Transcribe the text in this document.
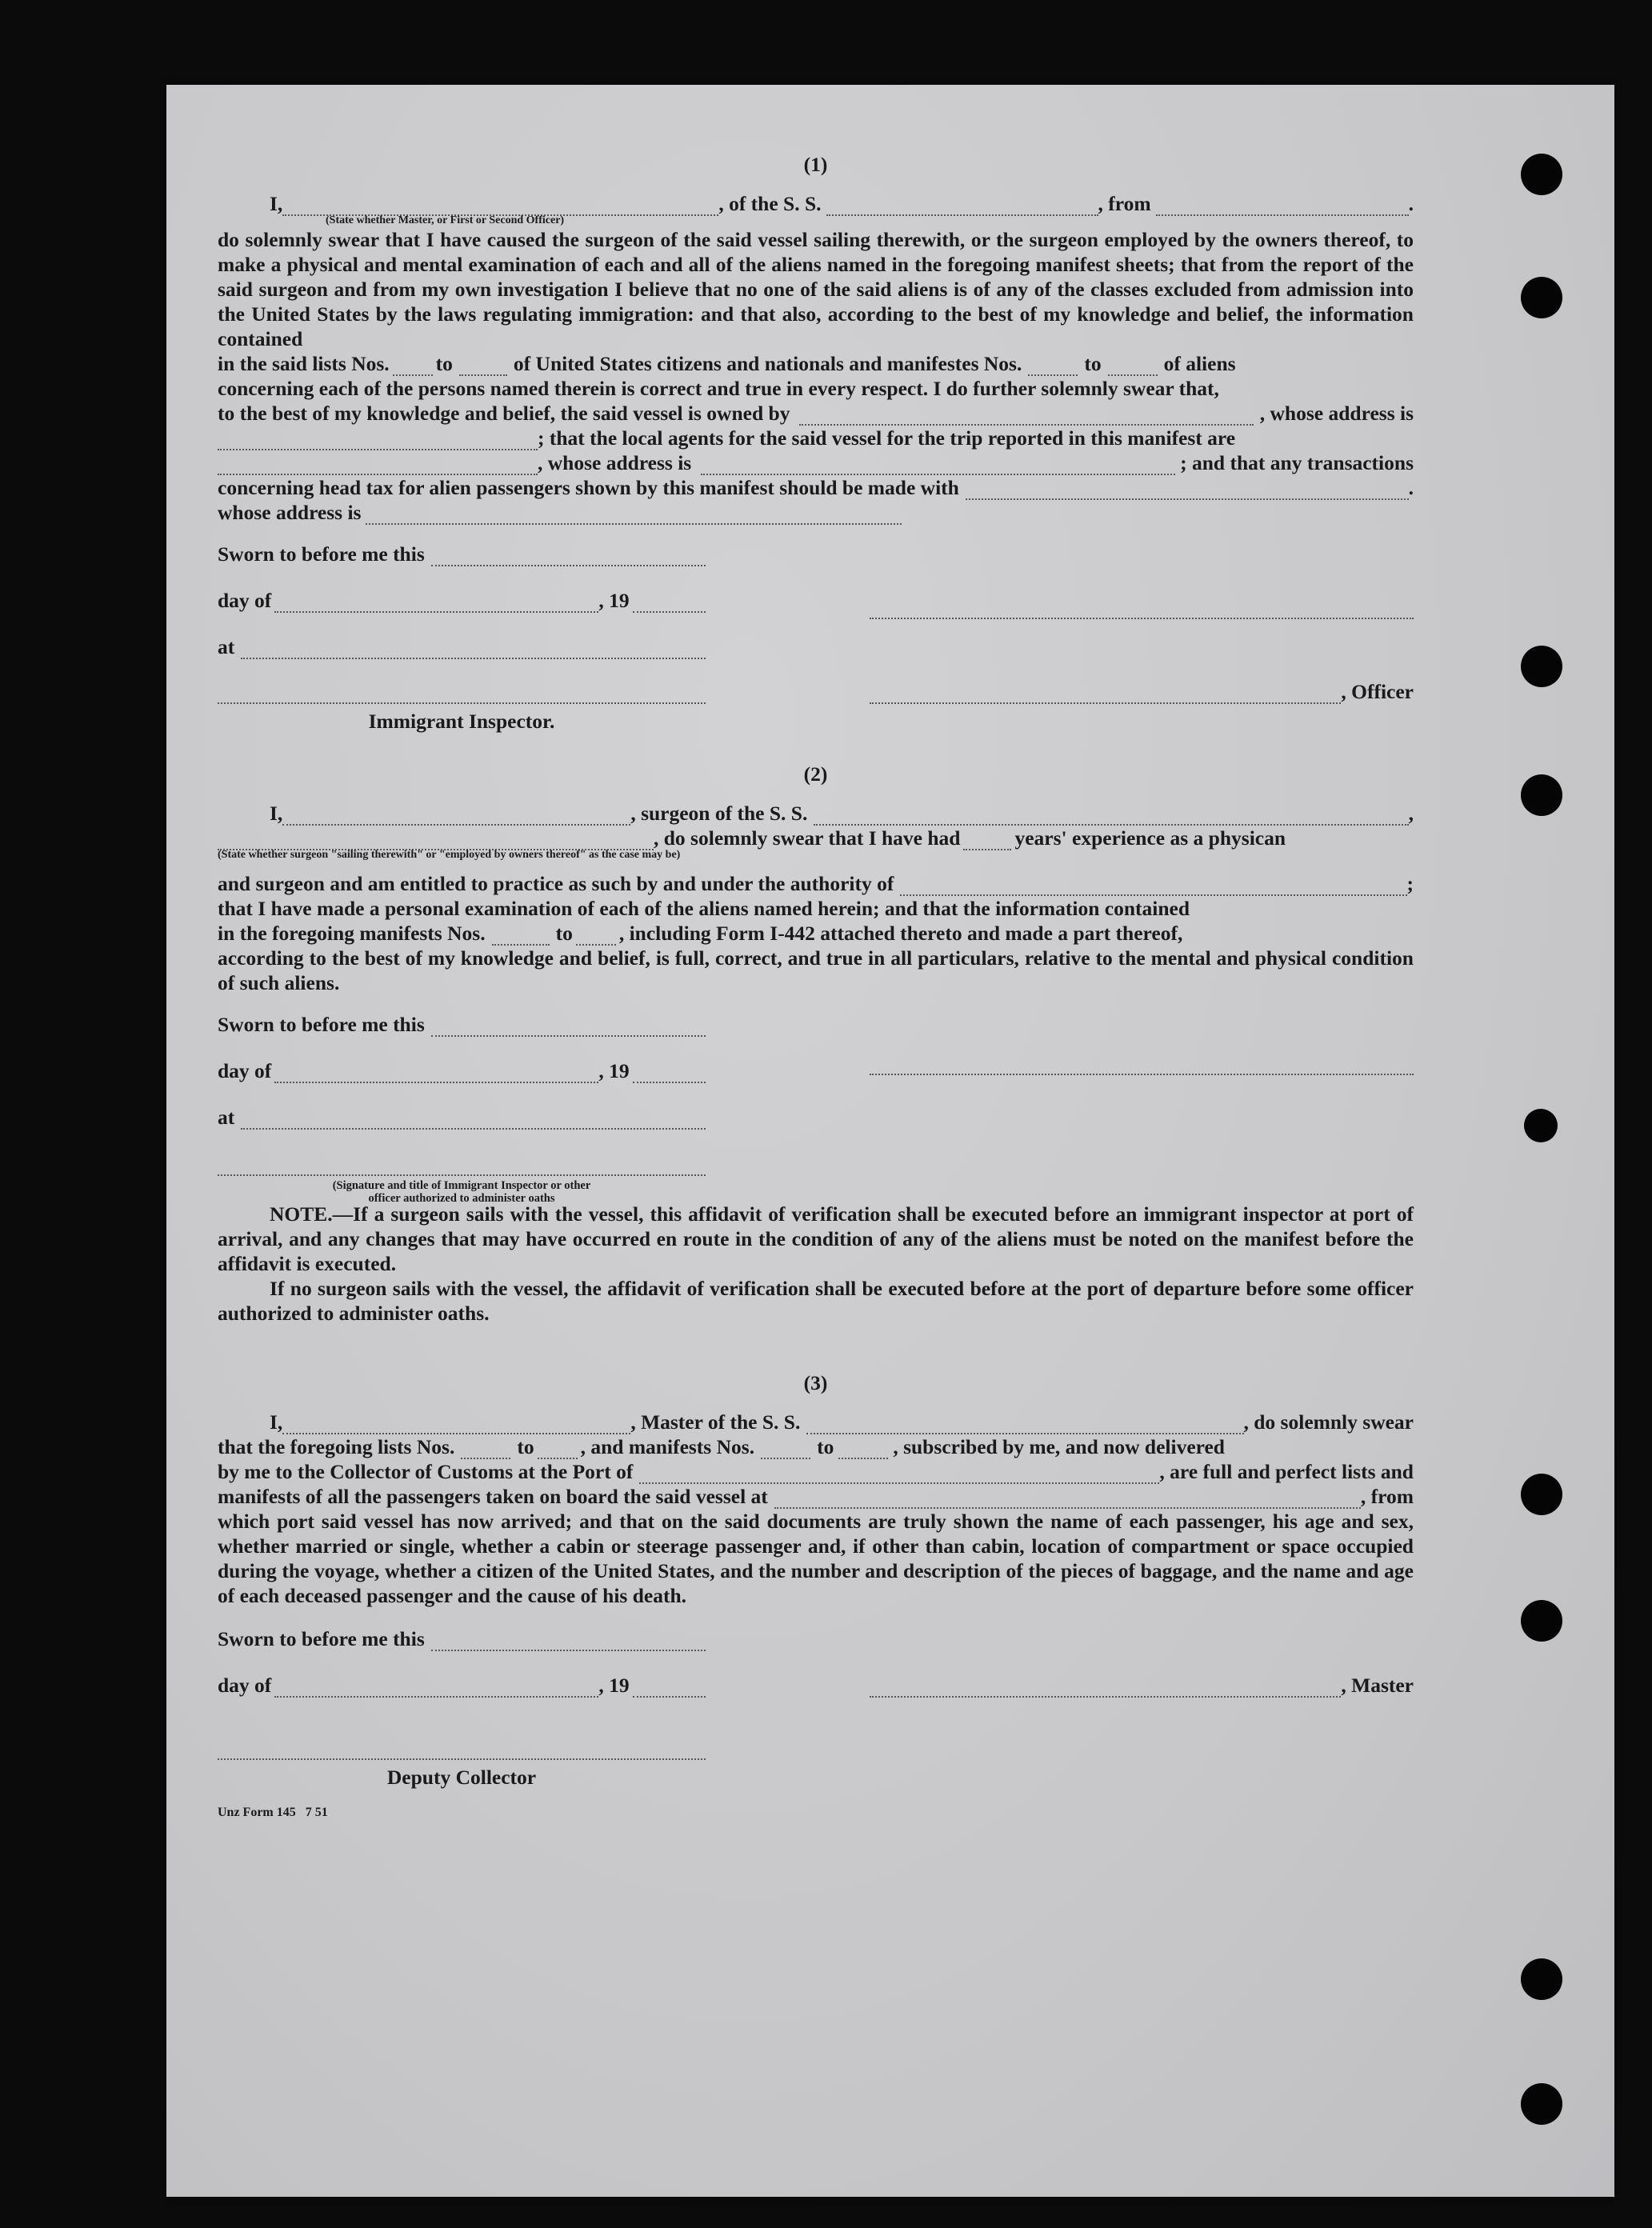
(1)
I,	, of the S. S.	, from	.
(State whether Master, or First or Second Officer)

do solemnly swear that I have caused the surgeon of the said vessel sailing therewith, or the surgeon employed by the owners thereof, to make a physical and mental examination of each and all of the aliens named in the foregoing manifest sheets; that from the report of the said surgeon and from my own investigation I believe that no one of the said aliens is of any of the classes excluded from admission into the United States by the laws regulating immigration: and that also, according to the best of my knowledge and belief, the information contained

in the said lists Nos. to	of United States citizens and nationals and manifestes Nos.	to	of aliens

concerning each of the persons named therein is correct and true in every respect. I do further solemnly swear that,

to the best of my knowledge and belief, the said vessel is owned by	, whose address is
; that the local agents for the said vessel for the trip reported in this manifest are
, whose address is	; and that any transactions
concerning head tax for alien passengers shown by this manifest should be made with	.
whose address is
Sworn to before me this
day of	, 19
at
Immigrant Inspector.
, Officer
(2)
I,	, surgeon of the S. S.	,
, do solemnly swear that I have had	years' experience as a physican
(State whether surgeon "sailing therewith" or "employed by owners thereof" as the case may be)
and surgeon and am entitled to practice as such by and under the authority of	;

that I have made a personal examination of each of the aliens named herein; and that the information contained

in the foregoing manifests Nos.	to , including Form I-442 attached thereto and made a part thereof,

according to the best of my knowledge and belief, is full, correct, and true in all particulars, relative to the mental and physical condition of such aliens.

Sworn to before me this
day of	, 19
at
(Signature and title of Immigrant Inspector or other
officer authorized to administer oaths

NOTE.—If a surgeon sails with the vessel, this affidavit of verification shall be executed before an immigrant inspector at port of arrival, and any changes that may have occurred en route in the condition of any of the aliens must be noted on the manifest before the affidavit is executed.

If no surgeon sails with the vessel, the affidavit of verification shall be executed before at the port of departure before some officer authorized to administer oaths.

(3)
I,	, Master of the S. S.	, do solemnly swear
that the foregoing lists Nos.	to , and manifests Nos.	to	, subscribed by me, and now delivered
by me to the Collector of Customs at the Port of	, are full and perfect lists and
manifests of all the passengers taken on board the said vessel at	, from

which port said vessel has now arrived; and that on the said documents are truly shown the name of each passenger, his age and sex, whether married or single, whether a cabin or steerage passenger and, if other than cabin, location of compartment or space occupied during the voyage, whether a citizen of the United States, and the number and description of the pieces of baggage, and the name and age of each deceased passenger and the cause of his death.

Sworn to before me this
day of	, 19
Deputy Collector
, Master
Unz Form 145   7 51
